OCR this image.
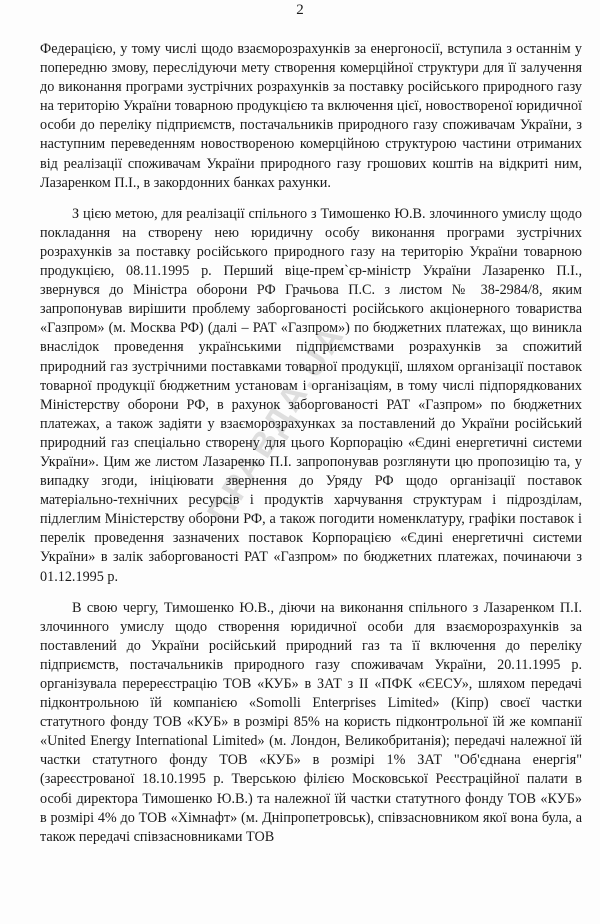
2

Федерацією, у тому числі щодо взаєморозрахунків за енергоносії, вступила з останнім у попередню змову, переслідуючи мету створення комерційної структури для її залучення до виконання програми зустрічних розрахунків за поставку російського природного газу на територію України товарною продукцією та включення цієї, новоствореної юридичної особи до переліку підприємств, постачальників природного газу споживачам України, з наступним переведенням новоствореною комерційною структурою частини отриманих від реалізації споживачам України природного газу грошових коштів на відкриті ним, Лазаренком П.І., в закордонних банках рахунки.

З цією метою, для реалізації спільного з Тимошенко Ю.В. злочинного умислу щодо покладання на створену нею юридичну особу виконання програми зустрічних розрахунків за поставку російського природного газу на територію України товарною продукцією, 08.11.1995 р. Перший віце-прем`єр-міністр України Лазаренко П.І., звернувся до Міністра оборони РФ Грачьова П.С. з листом № 38-2984/8, яким запропонував вирішити проблему заборгованості російського акціонерного товариства «Газпром» (м. Москва РФ) (далі – РАТ «Газпром») по бюджетних платежах, що виникла внаслідок проведення українськими підприємствами розрахунків за спожитий природний газ зустрічними поставками товарної продукції, шляхом організації поставок товарної продукції бюджетним установам і організаціям, в тому числі підпорядкованих Міністерству оборони РФ, в рахунок заборгованості РАТ «Газпром» по бюджетних платежах, а також задіяти у взаєморозрахунках за поставлений до України російський природний газ спеціально створену для цього Корпорацію «Єдині енергетичні системи України». Цим же листом Лазаренко П.І. запропонував розглянути цю пропозицію та, у випадку згоди, ініціювати звернення до Уряду РФ щодо організації поставок матеріально-технічних ресурсів і продуктів харчування структурам і підрозділам, підлеглим Міністерству оборони РФ, а також погодити номенклатуру, графіки поставок і перелік проведення зазначених поставок Корпорацією «Єдині енергетичні системи України» в залік заборгованості РАТ «Газпром» по бюджетних платежах, починаючи з 01.12.1995 р.

В свою чергу, Тимошенко Ю.В., діючи на виконання спільного з Лазаренком П.І. злочинного умислу щодо створення юридичної особи для взаєморозрахунків за поставлений до України російський природний газ та її включення до переліку підприємств, постачальників природного газу споживачам України, 20.11.1995 р. організувала перереєстрацію ТОВ «КУБ» в ЗАТ з ІІ «ПФК «ЄЕСУ», шляхом передачі підконтрольною їй компанією «Somolli Enterprises Limited» (Кіпр) своєї частки статутного фонду ТОВ «КУБ» в розмірі 85% на користь підконтрольної їй же компанії «United Energy International Limited» (м. Лондон, Великобританія); передачі належної їй частки статутного фонду ТОВ «КУБ» в розмірі 1% ЗАТ "Об'єднана енергія" (зареєстрованої 18.10.1995 р. Тверською філією Московської Реєстраційної палати в особі директора Тимошенко Ю.В.) та належної їй частки статутного фонду ТОВ «КУБ» в розмірі 4% до ТОВ «Хімнафт» (м. Дніпропетровськ), співзасновником якої вона була, а також передачі співзасновниками ТОВ

ПРАВДА.UA
